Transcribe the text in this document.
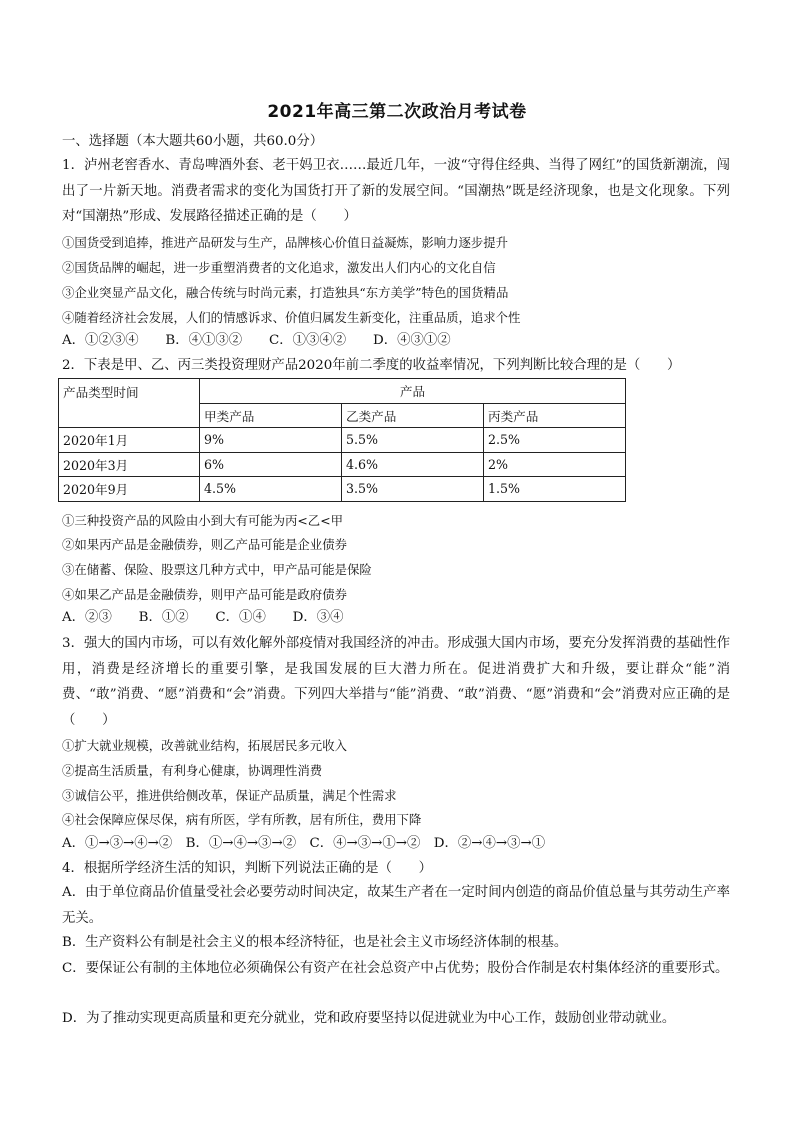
2021年高三第二次政治月考试卷
一、选择题（本大题共60小题，共60.0分）
1．泸州老窖香水、青岛啤酒外套、老干妈卫衣……最近几年，一波“守得住经典、当得了网红”的国货新潮流，闯出了一片新天地。消费者需求的变化为国货打开了新的发展空间。“国潮热”既是经济现象，也是文化现象。下列对“国潮热”形成、发展路径描述正确的是（　　）
①国货受到追捧，推进产品研发与生产，品牌核心价值日益凝炼，影响力逐步提升
②国货品牌的崛起，进一步重塑消费者的文化追求，激发出人们内心的文化自信
③企业突显产品文化，融合传统与时尚元素，打造独具“东方美学”特色的国货精品
④随着经济社会发展，人们的情感诉求、价值归属发生新变化，注重品质，追求个性
A．①②③④　　B．④①③②　　C．①③④②　　D．④③①②
2．下表是甲、乙、丙三类投资理财产品2020年前二季度的收益率情况，下列判断比较合理的是（　　）
产品类型时间	产品		
	甲类产品	乙类产品	丙类产品
2020年1月	9%	5.5%	2.5%
2020年3月	6%	4.6%	2%
2020年9月	4.5%	3.5%	1.5%
①三种投资产品的风险由小到大有可能为丙<乙<甲
②如果丙产品是金融债券，则乙产品可能是企业债券
③在储蓄、保险、股票这几种方式中，甲产品可能是保险
④如果乙产品是金融债券，则甲产品可能是政府债券
A．②③　　B．①②　　C．①④　　D．③④
3．强大的国内市场，可以有效化解外部疫情对我国经济的冲击。形成强大国内市场，要充分发挥消费的基础性作用，消费是经济增长的重要引擎，是我国发展的巨大潜力所在。促进消费扩大和升级，要让群众“能”消费、“敢”消费、“愿”消费和“会”消费。下列四大举措与“能”消费、“敢”消费、“愿”消费和“会”消费对应正确的是（　　）
①扩大就业规模，改善就业结构，拓展居民多元收入
②提高生活质量，有利身心健康，协调理性消费
③诚信公平，推进供给侧改革，保证产品质量，满足个性需求
④社会保障应保尽保，病有所医，学有所教，居有所住，费用下降
A．①→③→④→②　B．①→④→③→②　C．④→③→①→②　D．②→④→③→①
4．根据所学经济生活的知识，判断下列说法正确的是（　　）
A．由于单位商品价值量受社会必要劳动时间决定，故某生产者在一定时间内创造的商品价值总量与其劳动生产率无关。
B．生产资料公有制是社会主义的根本经济特征，也是社会主义市场经济体制的根基。
C．要保证公有制的主体地位必须确保公有资产在社会总资产中占优势；股份合作制是农村集体经济的重要形式。
D．为了推动实现更高质量和更充分就业，党和政府要坚持以促进就业为中心工作，鼓励创业带动就业。
